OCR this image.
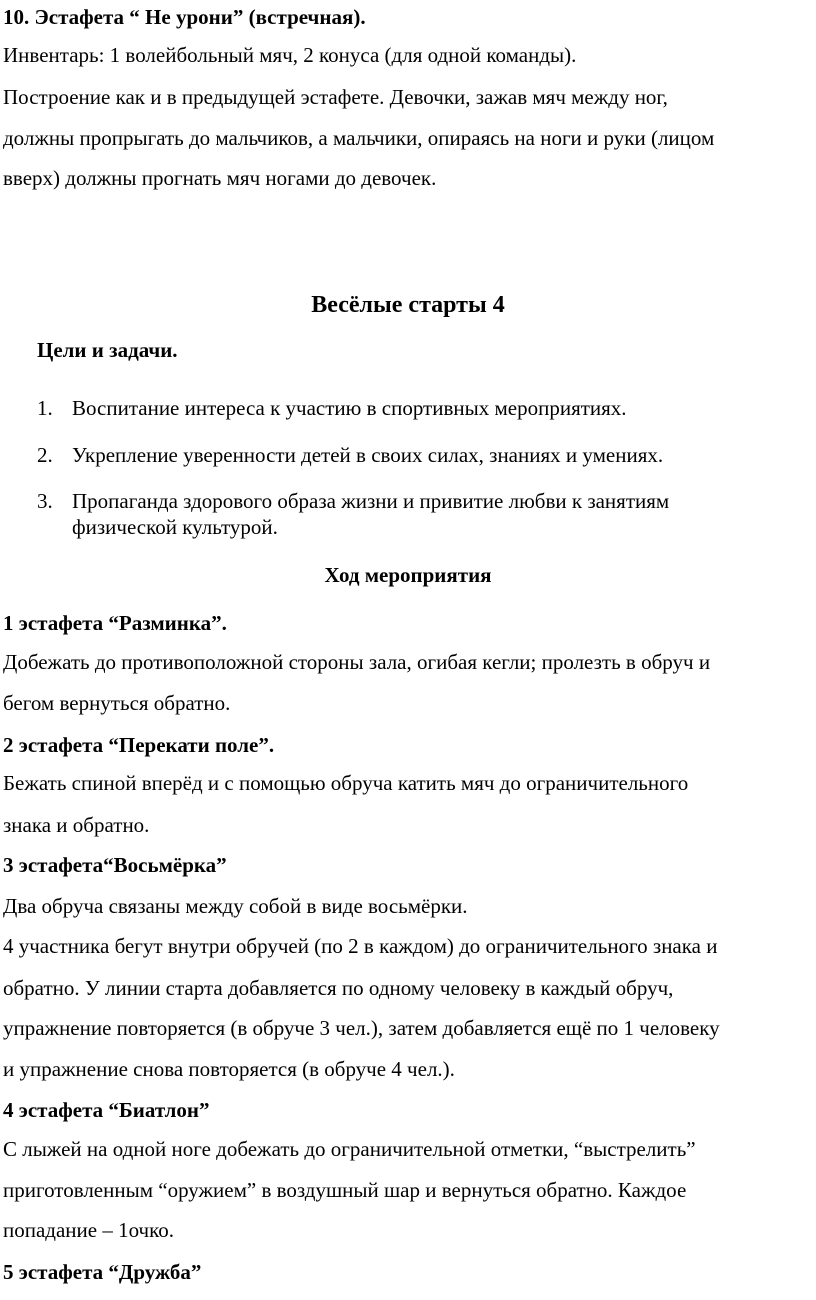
10. Эстафета “ Не урони” (встречная).
Инвентарь: 1 волейбольный мяч, 2 конуса (для одной команды).
Построение как и в предыдущей эстафете. Девочки, зажав мяч между ног,
должны пропрыгать до мальчиков, а мальчики, опираясь на ноги и руки (лицом
вверх) должны прогнать мяч ногами до девочек.
Весёлые старты 4
Цели и задачи.
1. Воспитание интереса к участию в спортивных мероприятиях.
2. Укрепление уверенности детей в своих силах, знаниях и умениях.
3. Пропаганда здорового образа жизни и привитие любви к занятиям
физической культурой.
Ход мероприятия
1 эстафета “Разминка”.
Добежать до противоположной стороны зала, огибая кегли; пролезть в обруч и
бегом вернуться обратно.
2 эстафета “Перекати поле”.
Бежать спиной вперёд и с помощью обруча катить мяч до ограничительного
знака и обратно.
3 эстафета“Восьмёрка”
Два обруча связаны между собой в виде восьмёрки.
4 участника бегут внутри обручей (по 2 в каждом) до ограничительного знака и
обратно. У линии старта добавляется по одному человеку в каждый обруч,
упражнение повторяется (в обруче 3 чел.), затем добавляется ещё по 1 человеку
и упражнение снова повторяется (в обруче 4 чел.).
4 эстафета “Биатлон”
С лыжей на одной ноге добежать до ограничительной отметки, “выстрелить”
приготовленным “оружием” в воздушный шар и вернуться обратно. Каждое
попадание – 1очко.
5 эстафета “Дружба”
